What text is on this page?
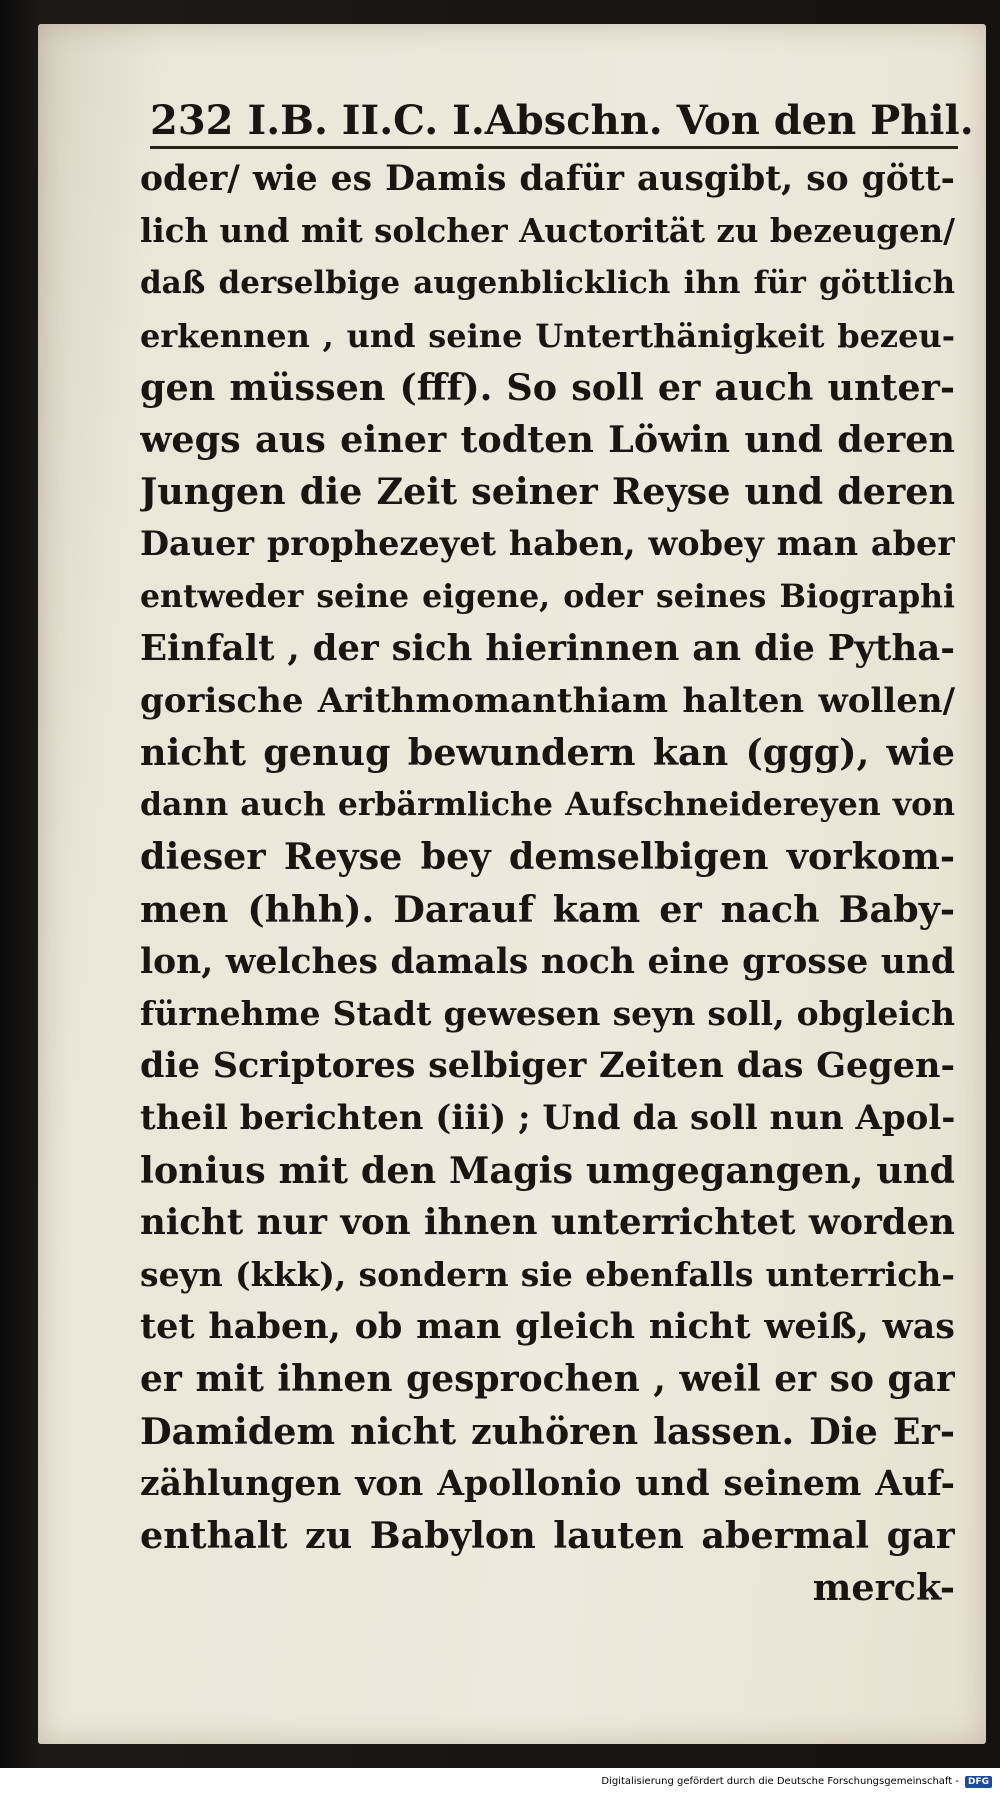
232 I.B. II.C. I.Abschn. Von den Phil.
oder/ wie es Damis dafür ausgibt, so gött-
lich und mit solcher Auctorität zu bezeugen/
daß derselbige augenblicklich ihn für göttlich
erkennen , und seine Unterthänigkeit bezeu-
gen müssen (fff). So soll er auch unter-
wegs aus einer todten Löwin und deren
Jungen die Zeit seiner Reyse und deren
Dauer prophezeyet haben, wobey man aber
entweder seine eigene, oder seines Biographi
Einfalt , der sich hierinnen an die Pytha-
gorische Arithmomanthiam halten wollen/
nicht genug bewundern kan (ggg), wie
dann auch erbärmliche Aufschneidereyen von
dieser Reyse bey demselbigen vorkom-
men (hhh). Darauf kam er nach Baby-
lon, welches damals noch eine grosse und
fürnehme Stadt gewesen seyn soll, obgleich
die Scriptores selbiger Zeiten das Gegen-
theil berichten (iii) ; Und da soll nun Apol-
lonius mit den Magis umgegangen, und
nicht nur von ihnen unterrichtet worden
seyn (kkk), sondern sie ebenfalls unterrich-
tet haben, ob man gleich nicht weiß, was
er mit ihnen gesprochen , weil er so gar
Damidem nicht zuhören lassen. Die Er-
zählungen von Apollonio und seinem Auf-
enthalt zu Babylon lauten abermal gar
merck-
Digitalisierung gefördert durch die Deutsche Forschungsgemeinschaft -	DFG
